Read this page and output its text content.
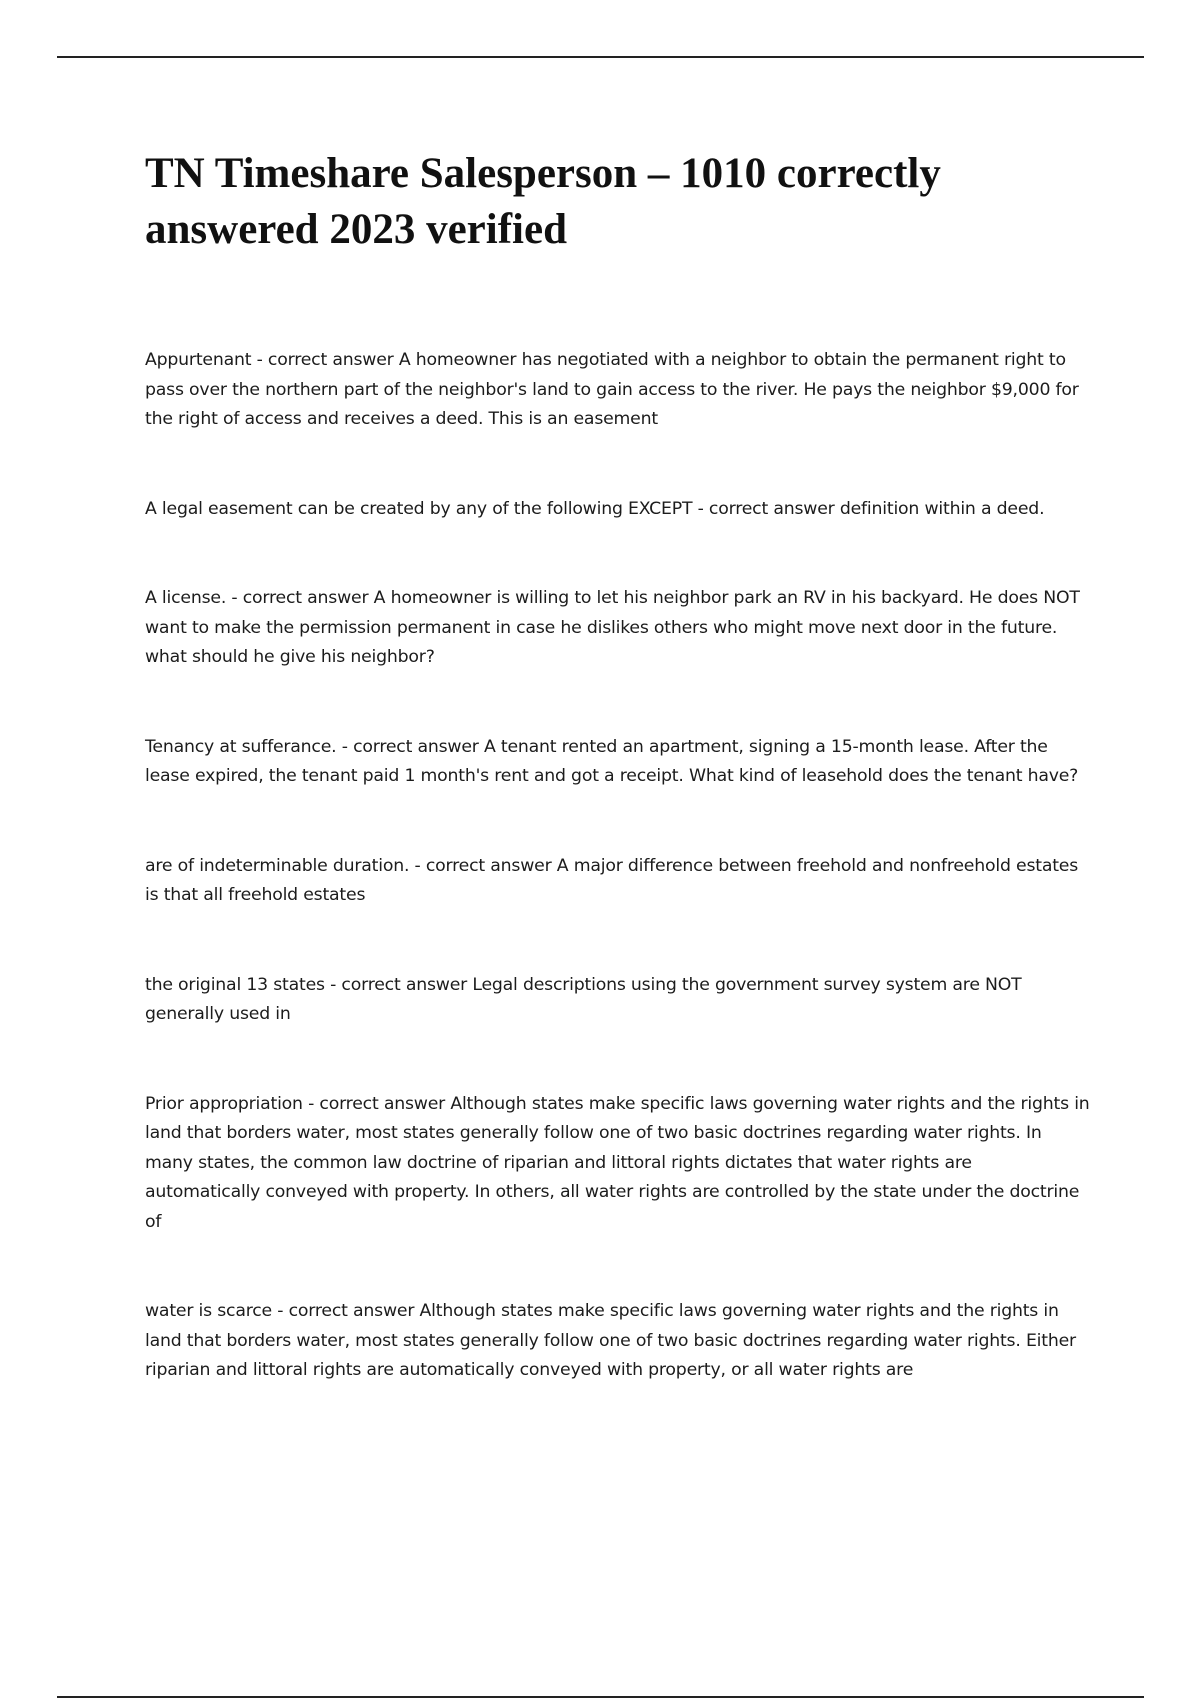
TN Timeshare Salesperson – 1010 correctly answered 2023 verified

Appurtenant - correct answer A homeowner has negotiated with a neighbor to obtain the permanent right to pass over the northern part of the neighbor's land to gain access to the river. He pays the neighbor $9,000 for the right of access and receives a deed. This is an easement

A legal easement can be created by any of the following EXCEPT - correct answer definition within a deed.

A license. - correct answer A homeowner is willing to let his neighbor park an RV in his backyard. He does NOT want to make the permission permanent in case he dislikes others who might move next door in the future. what should he give his neighbor?

Tenancy at sufferance. - correct answer A tenant rented an apartment, signing a 15-month lease. After the lease expired, the tenant paid 1 month's rent and got a receipt. What kind of leasehold does the tenant have?

are of indeterminable duration. - correct answer A major difference between freehold and nonfreehold estates is that all freehold estates

the original 13 states - correct answer Legal descriptions using the government survey system are NOT generally used in

Prior appropriation - correct answer Although states make specific laws governing water rights and the rights in land that borders water, most states generally follow one of two basic doctrines regarding water rights. In many states, the common law doctrine of riparian and littoral rights dictates that water rights are automatically conveyed with property. In others, all water rights are controlled by the state under the doctrine of

water is scarce - correct answer Although states make specific laws governing water rights and the rights in land that borders water, most states generally follow one of two basic doctrines regarding water rights. Either riparian and littoral rights are automatically conveyed with property, or all water rights are
